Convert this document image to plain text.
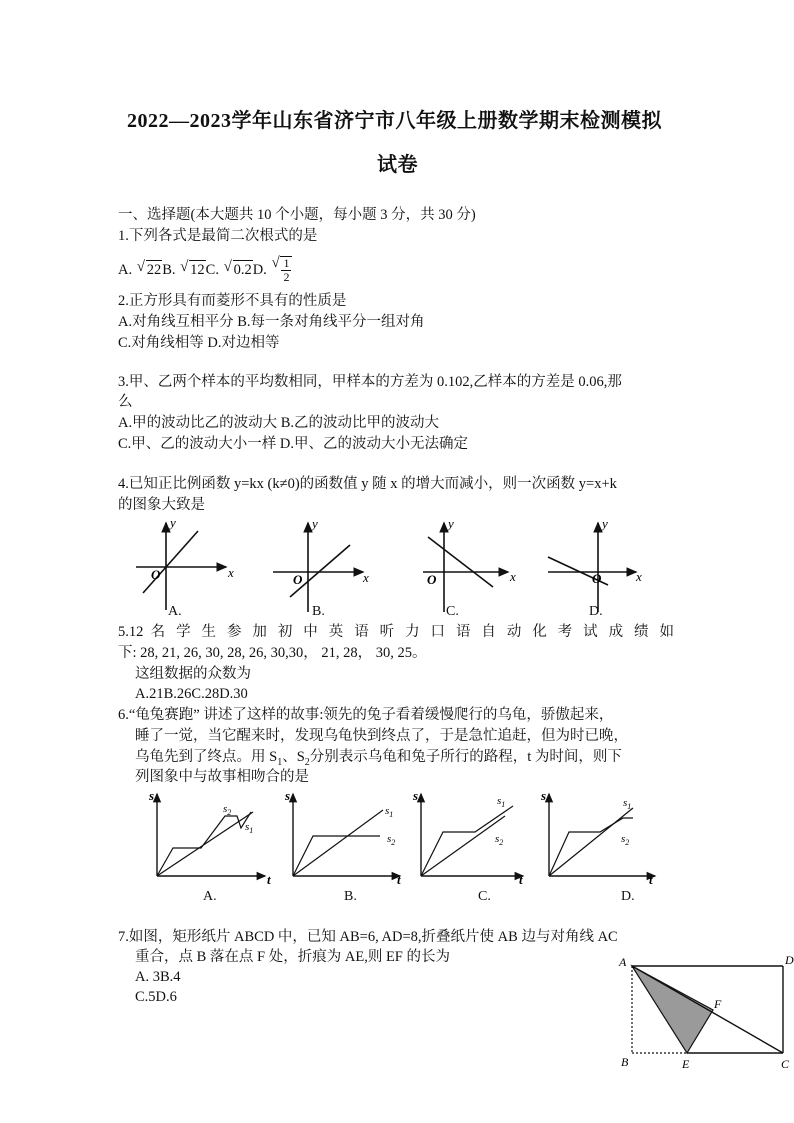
2022—2023学年山东省济宁市八年级上册数学期末检测模拟
试卷
一、选择题(本大题共 10 个小题，每小题 3 分，共 30 分)
1.下列各式是最简二次根式的是
A. √ 22B. √ 12C. √ 0.2D. √ $\frac{1}{2}$
2.正方形具有而菱形不具有的性质是
A.对角线互相平分 B.每一条对角线平分一组对角
C.对角线相等 D.对边相等
3.甲、乙两个样本的平均数相同，甲样本的方差为 0.102,乙样本的方差是 0.06,那
么
A.甲的波动比乙的波动大 B.乙的波动比甲的波动大
C.甲、乙的波动大小一样 D.甲、乙的波动大小无法确定
4.已知正比例函数 y=kx (k≠0)的函数值 y 随 x 的增大而减小，则一次函数 y=x+k
的图象大致是
y
x
O
y
x
O
y
x
O
y
x
O
A.	B.	C.	D.
5.12 名 学 生 参 加 初 中 英 语 听 力 口 语 自 动 化 考 试 成 绩 如
下: 28, 21, 26, 30, 28, 26, 30,30， 21, 28， 30, 25。
这组数据的众数为
A.21B.26C.28D.30
6.“龟兔赛跑” 讲述了这样的故事:领先的兔子看着缓慢爬行的乌龟，骄傲起来，
睡了一觉，当它醒来时，发现乌龟快到终点了，于是急忙追赶，但为时已晚，
乌龟先到了终点。用 $S_1$、$S_2$分别表示乌龟和兔子所行的路程，t 为时间，则下
列图象中与故事相吻合的是
s
t
$s_2$
$s_1$
s
t
$s_1$
$s_2$
s
t
$s_1$
$s_2$
s
t
$s_1$
$s_2$
A.	B.	C.	D.
7.如图，矩形纸片 ABCD 中，已知 AB=6, AD=8,折叠纸片使 AB 边与对角线 AC
重合，点 B 落在点 F 处，折痕为 AE,则 EF 的长为
A. 3B.4
C.5D.6
A	D
B	E	C
F
